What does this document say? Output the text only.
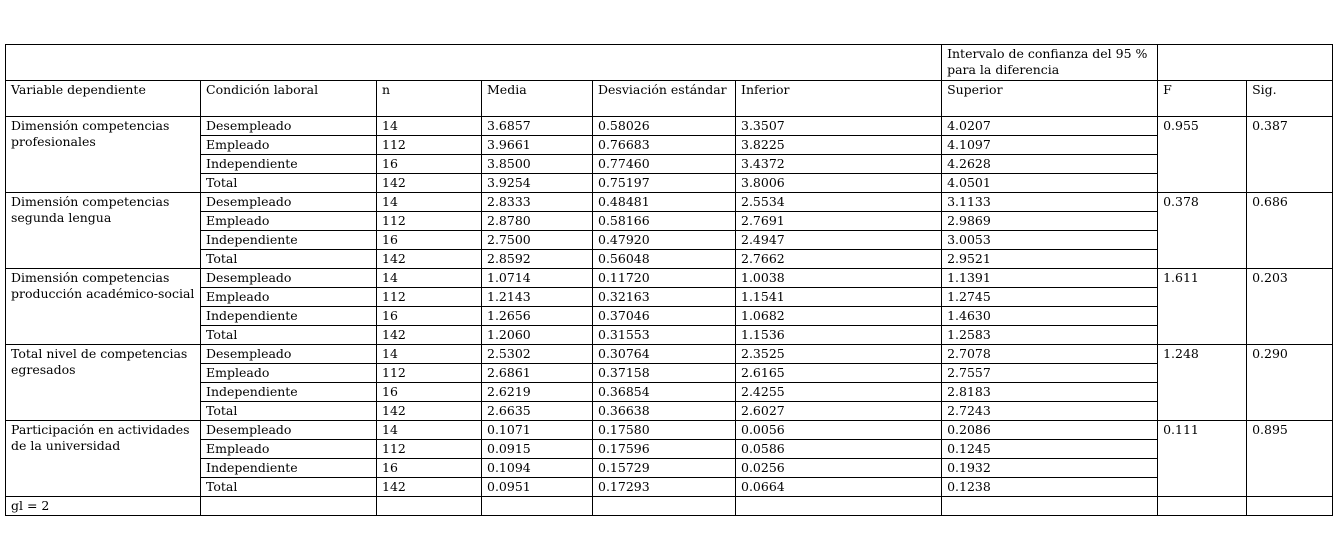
						Intervalo de confianza del 95 % para la diferencia			
Variable dependiente	Condición laboral	n	Media	Desviación estándar	Inferior	Superior	F	Sig.	
Dimensión competencias profesionales	Desempleado	14	3.6857	0.58026	3.3507	4.0207	0.955	0.387	
	Empleado	112	3.9661	0.76683	3.8225	4.1097			
	Independiente	16	3.8500	0.77460	3.4372	4.2628			
	Total	142	3.9254	0.75197	3.8006	4.0501			
Dimensión competencias segunda lengua	Desempleado	14	2.8333	0.48481	2.5534	3.1133	0.378	0.686	
	Empleado	112	2.8780	0.58166	2.7691	2.9869			
	Independiente	16	2.7500	0.47920	2.4947	3.0053			
	Total	142	2.8592	0.56048	2.7662	2.9521			
Dimensión competencias producción académico-social	Desempleado	14	1.0714	0.11720	1.0038	1.1391	1.611	0.203	
	Empleado	112	1.2143	0.32163	1.1541	1.2745			
	Independiente	16	1.2656	0.37046	1.0682	1.4630			
	Total	142	1.2060	0.31553	1.1536	1.2583			
Total nivel de competencias egresados	Desempleado	14	2.5302	0.30764	2.3525	2.7078	1.248	0.290	
	Empleado	112	2.6861	0.37158	2.6165	2.7557			
	Independiente	16	2.6219	0.36854	2.4255	2.8183			
	Total	142	2.6635	0.36638	2.6027	2.7243			
Participación en actividades de la universidad	Desempleado	14	0.1071	0.17580	0.0056	0.2086	0.111	0.895	
	Empleado	112	0.0915	0.17596	0.0586	0.1245			
	Independiente	16	0.1094	0.15729	0.0256	0.1932			
	Total	142	0.0951	0.17293	0.0664	0.1238			
gl = 2									
